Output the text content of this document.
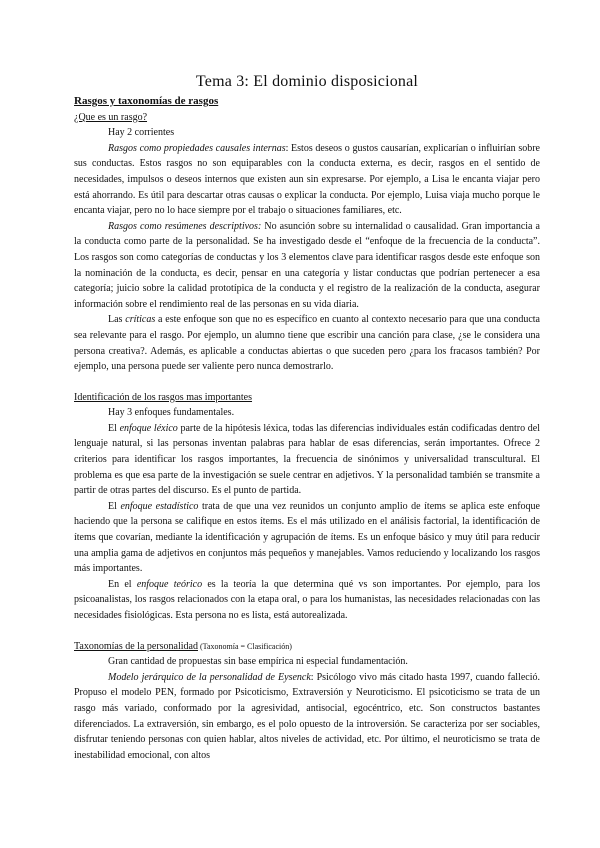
Tema 3: El dominio disposicional
Rasgos y taxonomías de rasgos
¿Que es un rasgo?

Hay 2 corrientes

Rasgos como propiedades causales internas: Estos deseos o gustos causarían, explicarían o influirían sobre sus conductas. Estos rasgos no son equiparables con la conducta externa, es decir, rasgos en el sentido de necesidades, impulsos o deseos internos que existen aun sin expresarse. Por ejemplo, a Lisa le encanta viajar pero está ahorrando. Es útil para descartar otras causas o explicar la conducta. Por ejemplo, Luisa viaja mucho porque le encanta viajar, pero no lo hace siempre por el trabajo o situaciones familiares, etc.

Rasgos como resúmenes descriptivos: No asunción sobre su internalidad o causalidad. Gran importancia a la conducta como parte de la personalidad. Se ha investigado desde el “enfoque de la frecuencia de la conducta”. Los rasgos son como categorías de conductas y los 3 elementos clave para identificar rasgos desde este enfoque son la nominación de la conducta, es decir, pensar en una categoría y listar conductas que podrían pertenecer a esa categoría; juicio sobre la calidad prototípica de la conducta y el registro de la realización de la conducta, asegurar información sobre el rendimiento real de las personas en su vida diaria.

Las críticas a este enfoque son que no es específico en cuanto al contexto necesario para que una conducta sea relevante para el rasgo. Por ejemplo, un alumno tiene que escribir una canción para clase, ¿se le considera una persona creativa?. Además, es aplicable a conductas abiertas o que suceden pero ¿para los fracasos también? Por ejemplo, una persona puede ser valiente pero nunca demostrarlo.

Identificación de los rasgos mas importantes

Hay 3 enfoques fundamentales.

El enfoque léxico parte de la hipótesis léxica, todas las diferencias individuales están codificadas dentro del lenguaje natural, si las personas inventan palabras para hablar de esas diferencias, serán importantes. Ofrece 2 criterios para identificar los rasgos importantes, la frecuencia de sinónimos y universalidad transcultural. El problema es que esa parte de la investigación se suele centrar en adjetivos. Y la personalidad también se transmite a partir de otras partes del discurso. Es el punto de partida.

El enfoque estadístico trata de que una vez reunidos un conjunto amplio de ítems se aplica este enfoque haciendo que la persona se califique en estos ítems. Es el más utilizado en el análisis factorial, la identificación de ítems que covarían, mediante la identificación y agrupación de ítems. Es un enfoque básico y muy útil para reducir una amplia gama de adjetivos en conjuntos más pequeños y manejables. Vamos reduciendo y localizando los rasgos más importantes.

En el enfoque teórico es la teoría la que determina qué vs son importantes. Por ejemplo, para los psicoanalistas, los rasgos relacionados con la etapa oral, o para los humanistas, las necesidades relacionadas con las necesidades fisiológicas. Esta persona no es lista, está autorealizada.

Taxonomías de la personalidad (Taxonomía = Clasificación)

Gran cantidad de propuestas sin base empírica ni especial fundamentación.

Modelo jerárquico de la personalidad de Eysenck: Psicólogo vivo más citado hasta 1997, cuando falleció. Propuso el modelo PEN, formado por Psicoticismo, Extraversión y Neuroticismo. El psicoticismo se trata de un rasgo más variado, conformado por la agresividad, antisocial, egocéntrico, etc. Son constructos bastantes diferenciados. La extraversión, sin embargo, es el polo opuesto de la introversión. Se caracteriza por ser sociables, disfrutar teniendo personas con quien hablar, altos niveles de actividad, etc. Por último, el neuroticismo se trata de inestabilidad emocional, con altos
